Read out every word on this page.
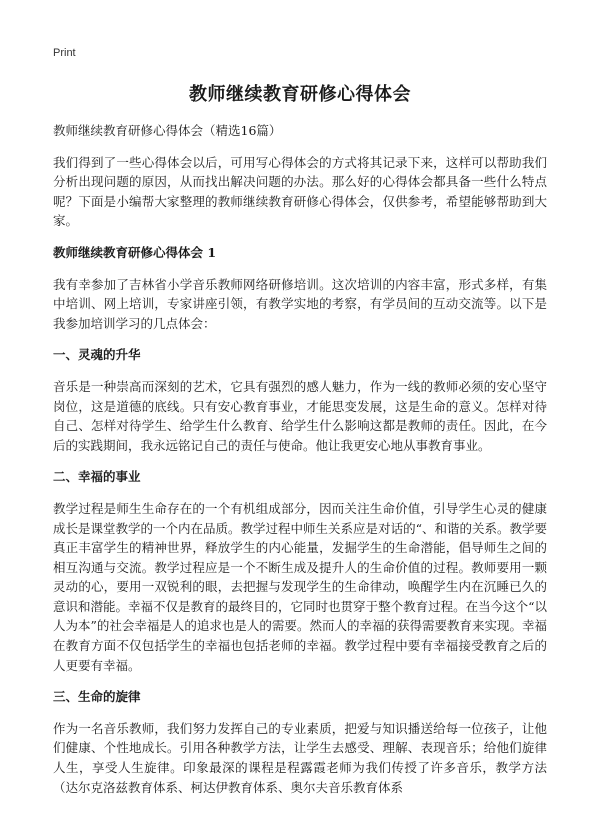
Print
教师继续教育研修心得体会

教师继续教育研修心得体会（精选16篇）

我们得到了一些心得体会以后，可用写心得体会的方式将其记录下来，这样可以帮助我们分析出现问题的原因，从而找出解决问题的办法。那么好的心得体会都具备一些什么特点呢？下面是小编帮大家整理的教师继续教育研修心得体会，仅供参考，希望能够帮助到大家。

教师继续教育研修心得体会 1

我有幸参加了吉林省小学音乐教师网络研修培训。这次培训的内容丰富，形式多样，有集中培训、网上培训，专家讲座引领，有教学实地的考察，有学员间的互动交流等。以下是我参加培训学习的几点体会：

一、灵魂的升华

音乐是一种崇高而深刻的艺术，它具有强烈的感人魅力，作为一线的教师必须的安心坚守岗位，这是道德的底线。只有安心教育事业，才能思变发展，这是生命的意义。怎样对待自己、怎样对待学生、给学生什么教育、给学生什么影响这都是教师的责任。因此，在今后的实践期间，我永远铭记自己的责任与使命。他让我更安心地从事教育事业。

二、幸福的事业

教学过程是师生生命存在的一个有机组成部分，因而关注生命价值，引导学生心灵的健康成长是课堂教学的一个内在品质。教学过程中师生关系应是对话的“、和谐的关系。教学要真正丰富学生的精神世界，释放学生的内心能量，发掘学生的生命潜能，倡导师生之间的相互沟通与交流。教学过程应是一个不断生成及提升人的生命价值的过程。教师要用一颗灵动的心，要用一双锐利的眼，去把握与发现学生的生命律动，唤醒学生内在沉睡已久的意识和潜能。幸福不仅是教育的最终目的，它同时也贯穿于整个教育过程。在当今这个“以人为本”的社会幸福是人的追求也是人的需要。然而人的幸福的获得需要教育来实现。幸福在教育方面不仅包括学生的幸福也包括老师的幸福。教学过程中要有幸福接受教育之后的人更要有幸福。

三、生命的旋律

作为一名音乐教师，我们努力发挥自己的专业素质，把爱与知识播送给每一位孩子，让他们健康、个性地成长。引用各种教学方法，让学生去感受、理解、表现音乐；给他们旋律人生，享受人生旋律。印象最深的课程是程露霞老师为我们传授了许多音乐，教学方法（达尔克洛兹教育体系、柯达伊教育体系、奥尔夫音乐教育体系
